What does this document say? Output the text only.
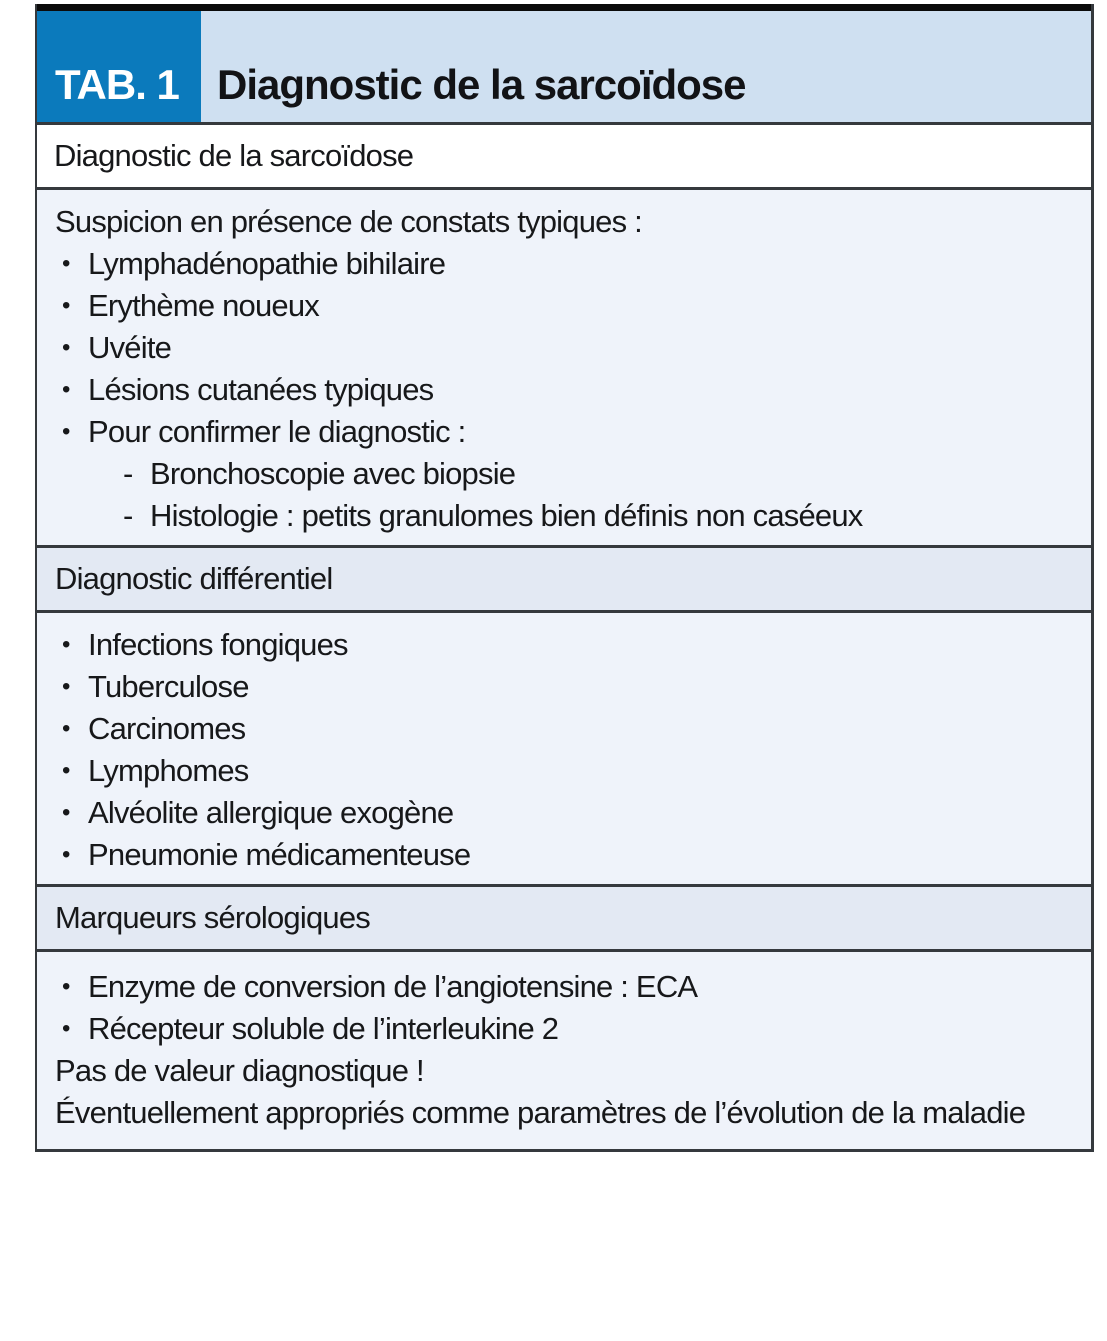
TAB. 1 Diagnostic de la sarcoïdose
Diagnostic de la sarcoïdose
Suspicion en présence de constats typiques :
• Lymphadénopathie bihilaire
• Erythème noueux
• Uvéite
• Lésions cutanées typiques
• Pour confirmer le diagnostic :
- Bronchoscopie avec biopsie
- Histologie : petits granulomes bien définis non caséeux
Diagnostic différentiel
• Infections fongiques
• Tuberculose
• Carcinomes
• Lymphomes
• Alvéolite allergique exogène
• Pneumonie médicamenteuse
Marqueurs sérologiques
• Enzyme de conversion de l’angiotensine : ECA
• Récepteur soluble de l’interleukine 2
Pas de valeur diagnostique !
Éventuellement appropriés comme paramètres de l’évolution de la maladie
